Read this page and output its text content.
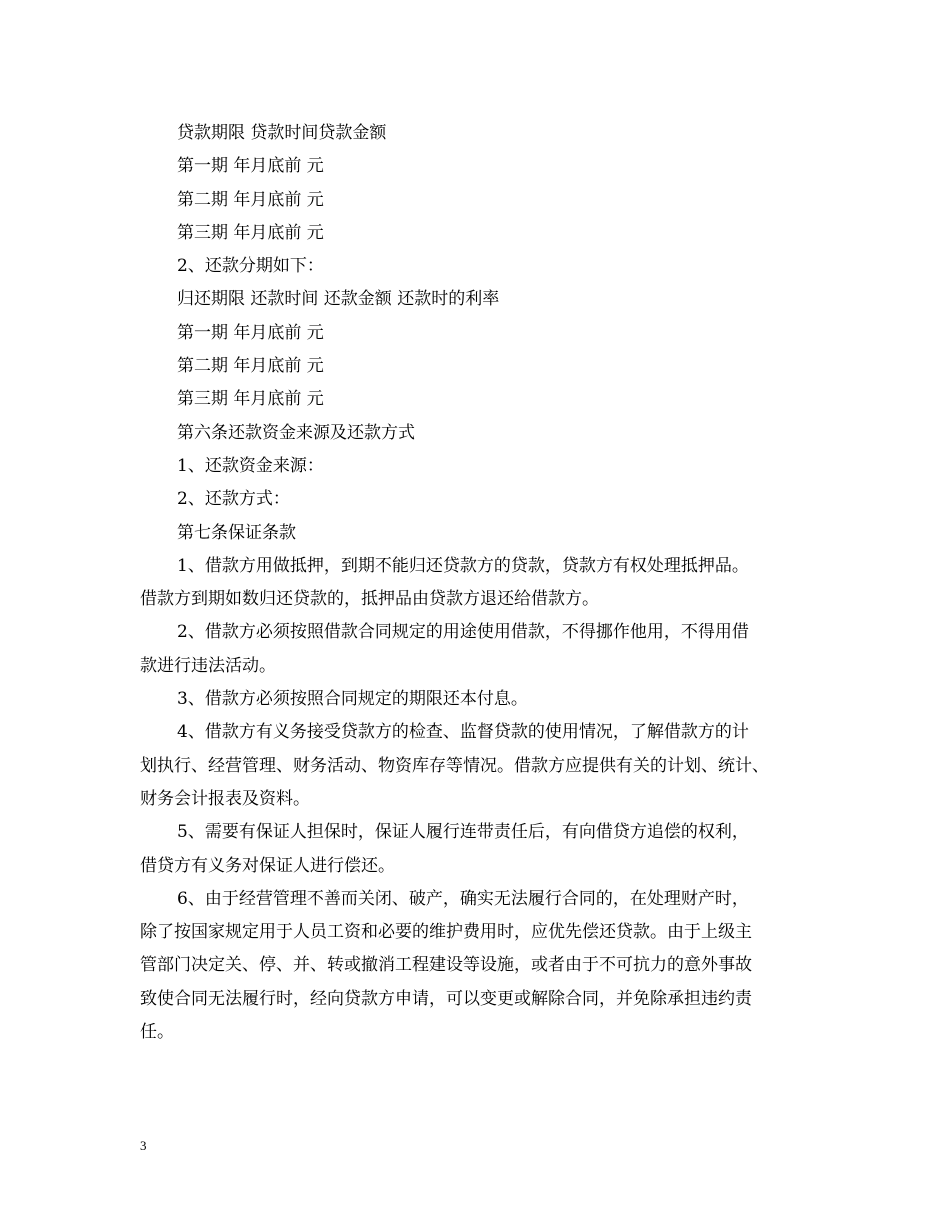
贷款期限 贷款时间贷款金额
第一期 年月底前 元
第二期 年月底前 元
第三期 年月底前 元
2、还款分期如下：
归还期限 还款时间 还款金额 还款时的利率
第一期 年月底前 元
第二期 年月底前 元
第三期 年月底前 元
第六条还款资金来源及还款方式
1、还款资金来源：
2、还款方式：
第七条保证条款
1、借款方用做抵押，到期不能归还贷款方的贷款，贷款方有权处理抵押品。
借款方到期如数归还贷款的，抵押品由贷款方退还给借款方。
2、借款方必须按照借款合同规定的用途使用借款，不得挪作他用，不得用借
款进行违法活动。
3、借款方必须按照合同规定的期限还本付息。
4、借款方有义务接受贷款方的检查、监督贷款的使用情况，了解借款方的计
划执行、经营管理、财务活动、物资库存等情况。借款方应提供有关的计划、统计、
财务会计报表及资料。
5、需要有保证人担保时，保证人履行连带责任后，有向借贷方追偿的权利，
借贷方有义务对保证人进行偿还。
6、由于经营管理不善而关闭、破产，确实无法履行合同的，在处理财产时，
除了按国家规定用于人员工资和必要的维护费用时，应优先偿还贷款。由于上级主
管部门决定关、停、并、转或撤消工程建设等设施，或者由于不可抗力的意外事故
致使合同无法履行时，经向贷款方申请，可以变更或解除合同，并免除承担违约责
任。
3
